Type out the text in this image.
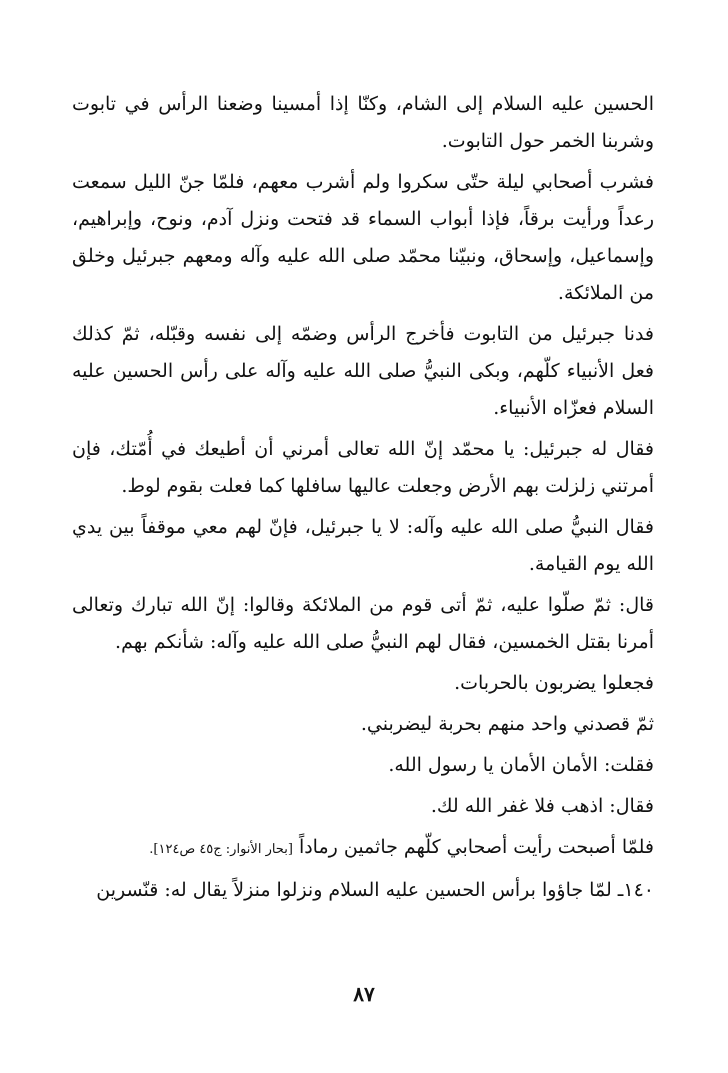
الحسين عليه السلام إلى الشام، وكنّا إذا أمسينا وضعنا الرأس في تابوت وشربنا الخمر حول التابوت.

فشرب أصحابي ليلة حتّى سكروا ولم أشرب معهم، فلمّا جنّ الليل سمعت رعداً ورأيت برقاً، فإذا أبواب السماء قد فتحت ونزل آدم، ونوح، وإبراهيم، وإسماعيل، وإسحاق، ونبيّنا محمّد صلى الله عليه وآله ومعهم جبرئيل وخلق من الملائكة.

فدنا جبرئيل من التابوت فأخرج الرأس وضمّه إلى نفسه وقبّله، ثمّ كذلك فعل الأنبياء كلّهم، وبكى النبيُّ صلى الله عليه وآله على رأس الحسين عليه السلام فعزّاه الأنبياء.

فقال له جبرئيل: يا محمّد إنّ الله تعالى أمرني أن أطيعك في أُمّتك، فإن أمرتني زلزلت بهم الأرض وجعلت عاليها سافلها كما فعلت بقوم لوط.

فقال النبيُّ صلى الله عليه وآله: لا يا جبرئيل، فإنّ لهم معي موقفاً بين يدي الله يوم القيامة.

قال: ثمّ صلّوا عليه، ثمّ أتى قوم من الملائكة وقالوا: إنّ الله تبارك وتعالى أمرنا بقتل الخمسين، فقال لهم النبيُّ صلى الله عليه وآله: شأنكم بهم.

فجعلوا يضربون بالحربات.

ثمّ قصدني واحد منهم بحربة ليضربني.

فقلت: الأمان الأمان يا رسول الله.

فقال: اذهب فلا غفر الله لك.

فلمّا أصبحت رأيت أصحابي كلّهم جاثمين رماداً [بحار الأنوار: ج٤٥ ص١٢٤].

١٤٠ـ لمّا جاؤوا برأس الحسين عليه السلام ونزلوا منزلاً يقال له: قنّسرين

٨٧
